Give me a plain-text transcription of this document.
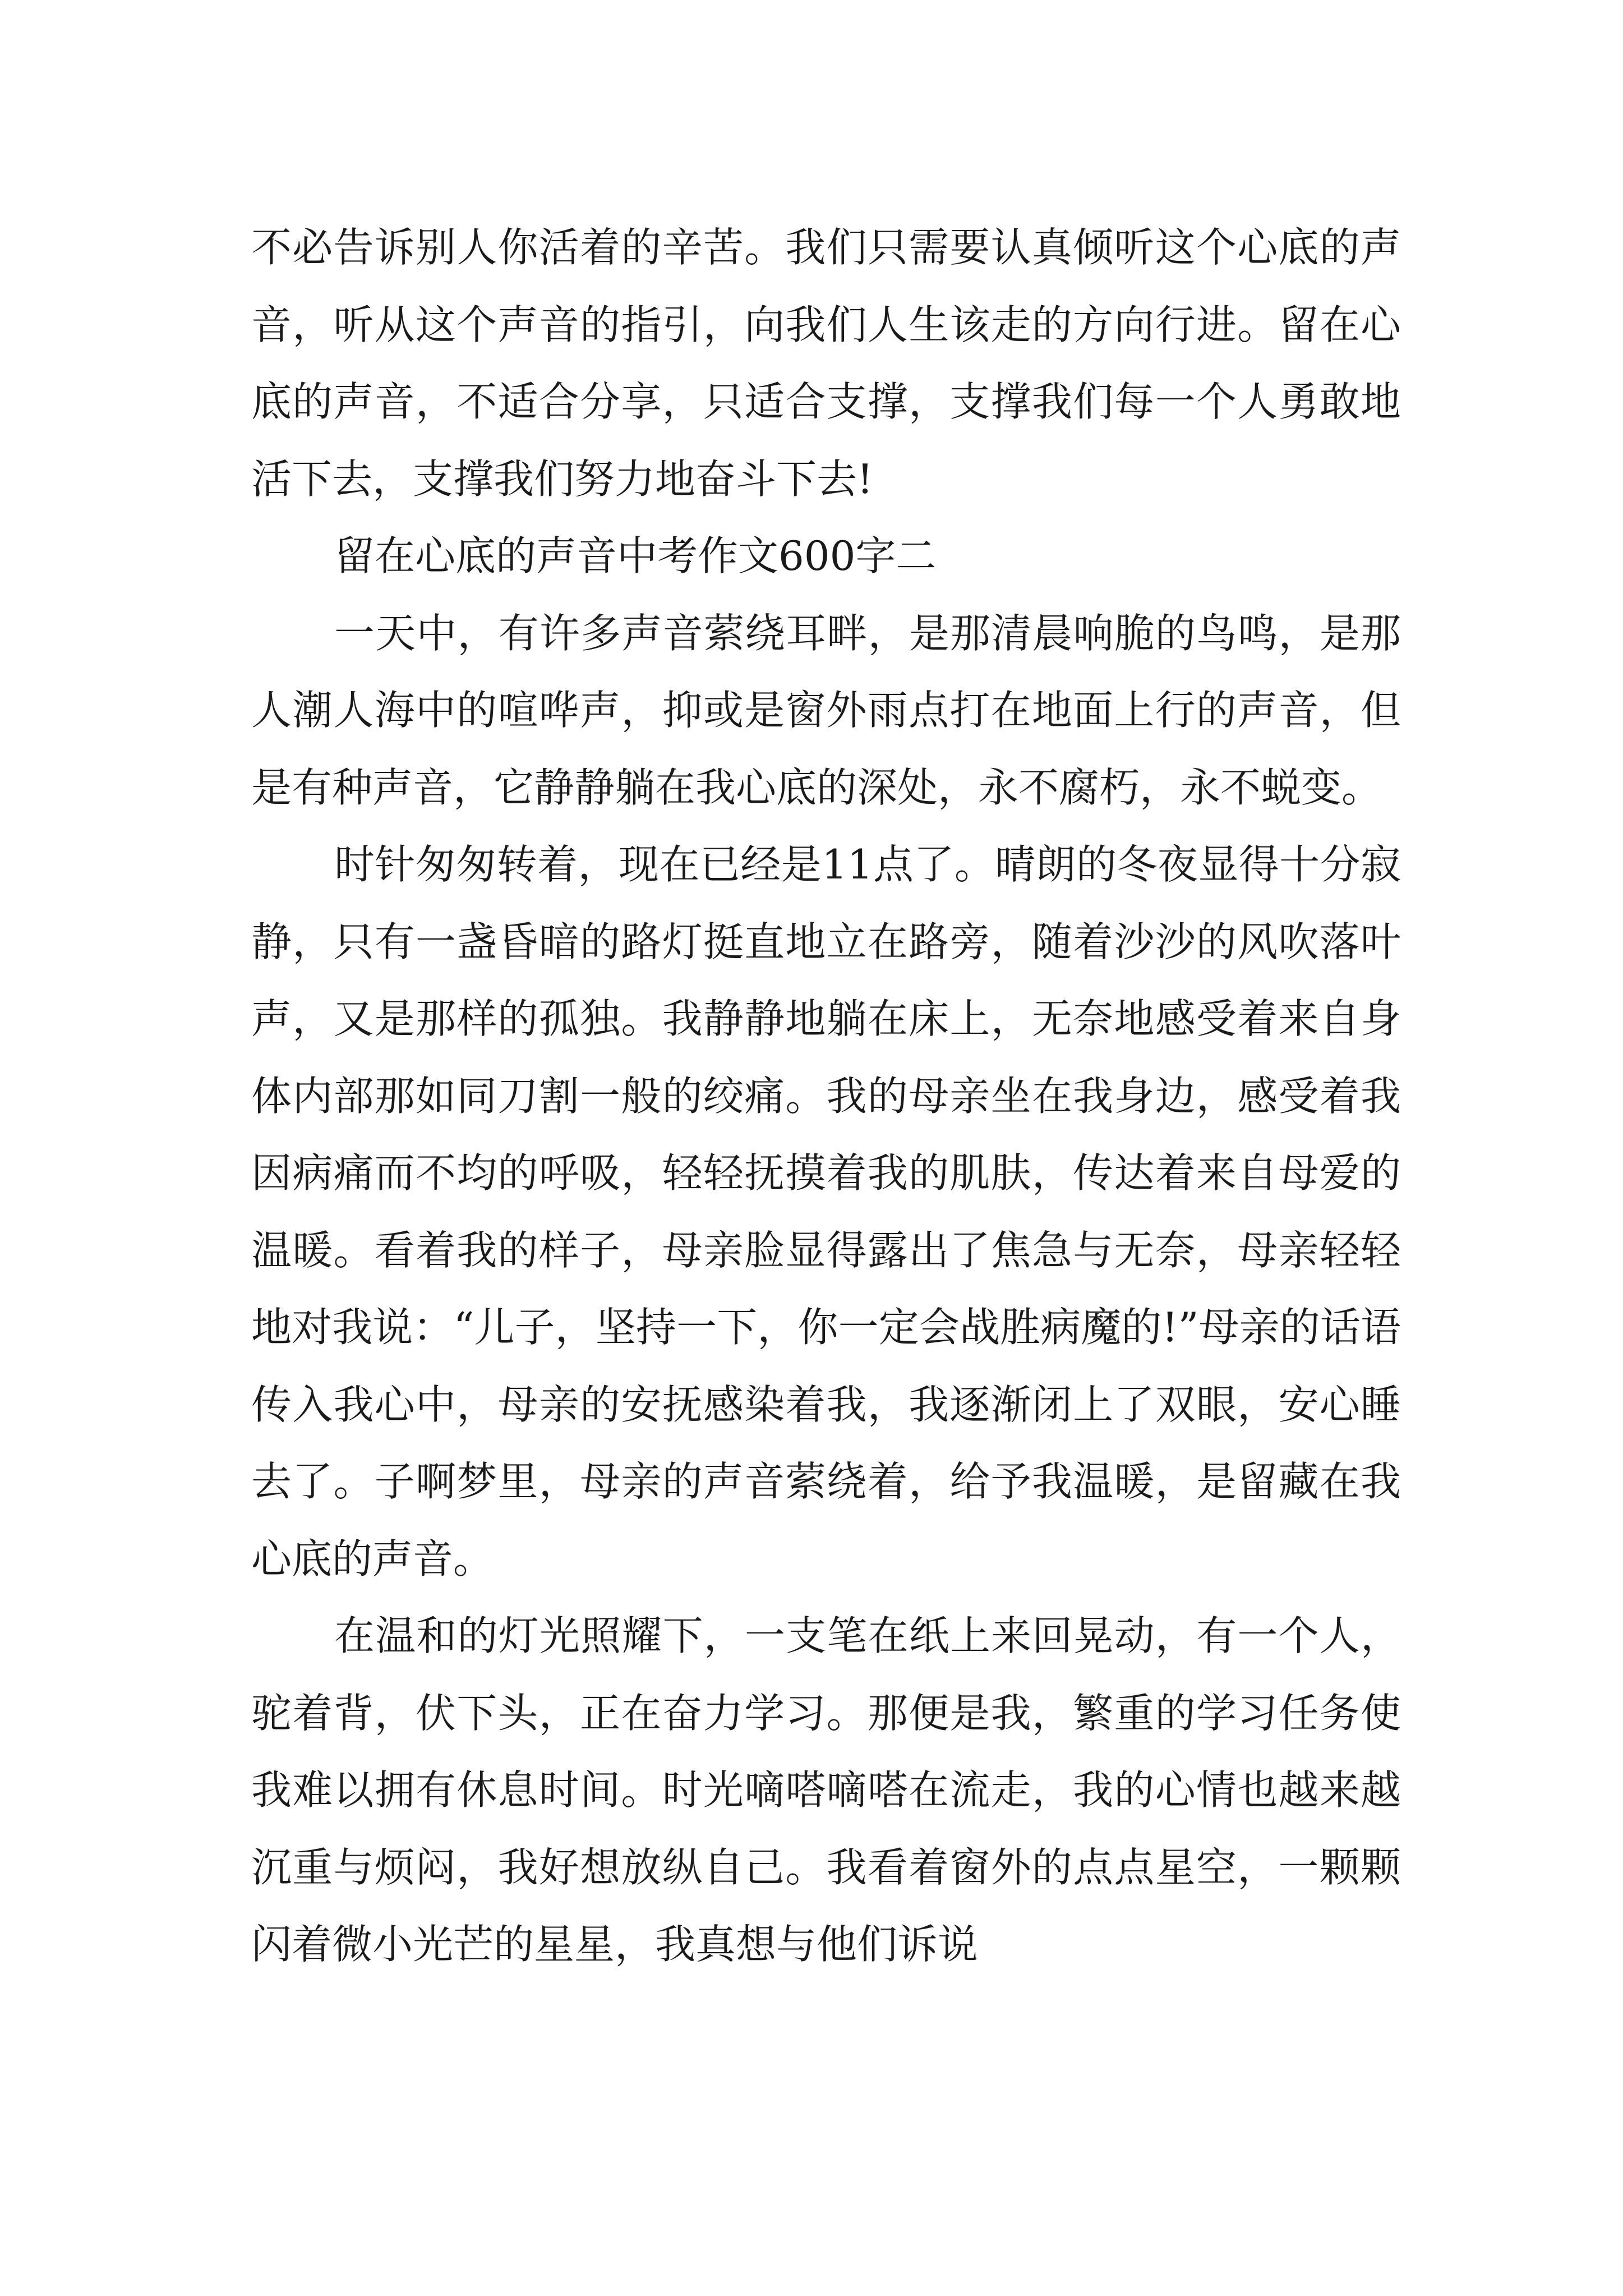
不必告诉别人你活着的辛苦。我们只需要认真倾听这个心底的声音，听从这个声音的指引，向我们人生该走的方向行进。留在心底的声音，不适合分享，只适合支撑，支撑我们每一个人勇敢地活下去，支撑我们努力地奋斗下去!

留在心底的声音中考作文600字二

一天中，有许多声音萦绕耳畔，是那清晨响脆的鸟鸣，是那人潮人海中的喧哗声，抑或是窗外雨点打在地面上行的声音，但是有种声音，它静静躺在我心底的深处，永不腐朽，永不蜕变。

时针匆匆转着，现在已经是11点了。晴朗的冬夜显得十分寂静，只有一盏昏暗的路灯挺直地立在路旁，随着沙沙的风吹落叶声，又是那样的孤独。我静静地躺在床上，无奈地感受着来自身体内部那如同刀割一般的绞痛。我的母亲坐在我身边，感受着我因病痛而不均的呼吸，轻轻抚摸着我的肌肤，传达着来自母爱的温暖。看着我的样子，母亲脸显得露出了焦急与无奈，母亲轻轻地对我说：“儿子，坚持一下，你一定会战胜病魔的!”母亲的话语传入我心中，母亲的安抚感染着我，我逐渐闭上了双眼，安心睡去了。子啊梦里，母亲的声音萦绕着，给予我温暖，是留藏在我心底的声音。

在温和的灯光照耀下，一支笔在纸上来回晃动，有一个人，驼着背，伏下头，正在奋力学习。那便是我，繁重的学习任务使我难以拥有休息时间。时光嘀嗒嘀嗒在流走，我的心情也越来越沉重与烦闷，我好想放纵自己。我看着窗外的点点星空，一颗颗闪着微小光芒的星星，我真想与他们诉说
